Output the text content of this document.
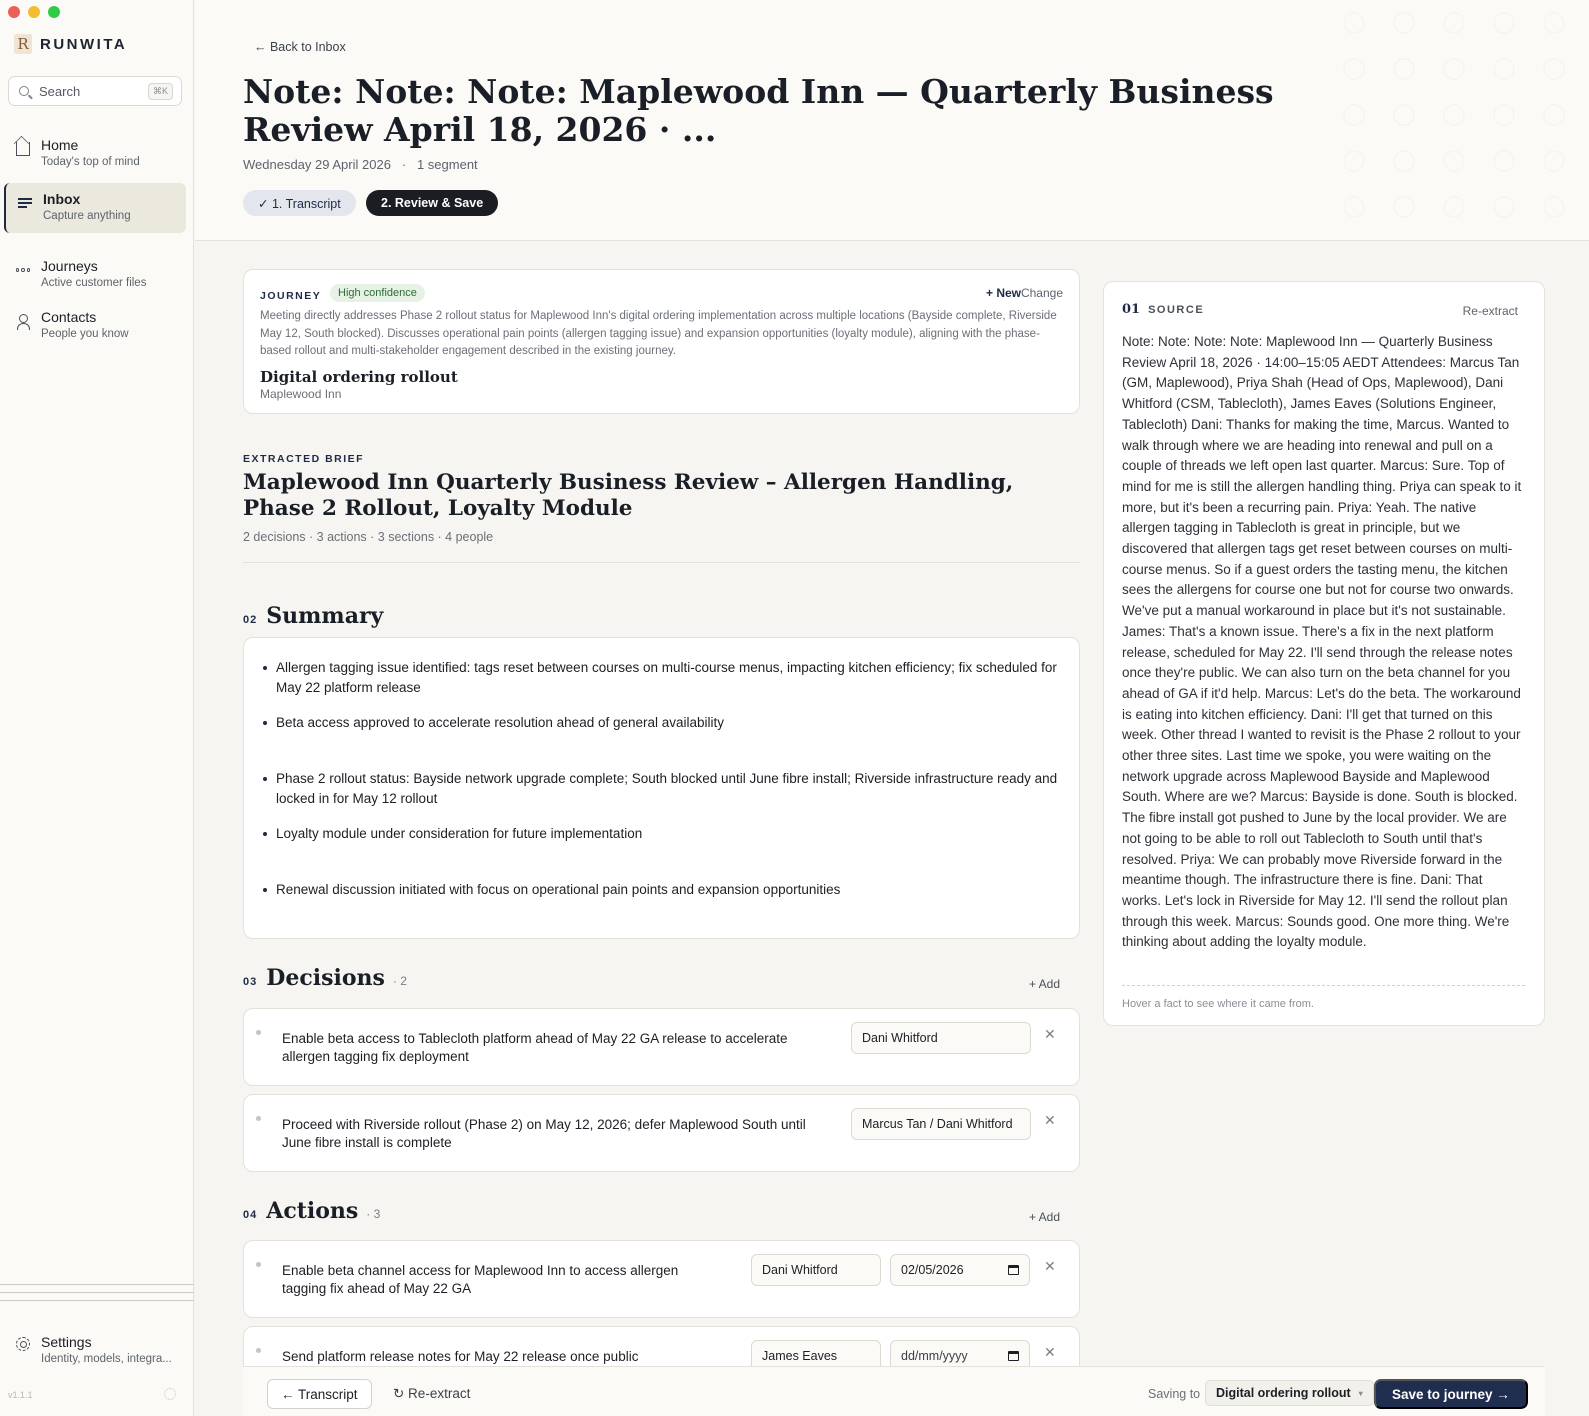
R RUNWITA
Search	⌘K
Home
Today's top of mind
Inbox
Capture anything
Journeys
Active customer files
Contacts
People you know
Settings
Identity, models, integra...
v1.1.1
← Back to Inbox
Note: Note: Note: Maplewood Inn — Quarterly Business Review April 18, 2026 · ...
Wednesday 29 April 2026   ·   1 segment
✓ 1. Transcript	2. Review & Save
JOURNEY	High confidence	+ New Change

Meeting directly addresses Phase 2 rollout status for Maplewood Inn's digital ordering implementation across multiple locations (Bayside complete, Riverside May 12, South blocked). Discusses operational pain points (allergen tagging issue) and expansion opportunities (loyalty module), aligning with the phase-based rollout and multi-stakeholder engagement described in the existing journey.

Digital ordering rollout
Maplewood Inn
EXTRACTED BRIEF
Maplewood Inn Quarterly Business Review – Allergen Handling, Phase 2 Rollout, Loyalty Module
2 decisions · 3 actions · 3 sections · 4 people
02 Summary

Allergen tagging issue identified: tags reset between courses on multi-course menus, impacting kitchen efficiency; fix scheduled for May 22 platform release

Beta access approved to accelerate resolution ahead of general availability

Phase 2 rollout status: Bayside network upgrade complete; South blocked until June fibre install; Riverside infrastructure ready and locked in for May 12 rollout

Loyalty module under consideration for future implementation

Renewal discussion initiated with focus on operational pain points and expansion opportunities

03 Decisions · 2	+ Add

Enable beta access to Tablecloth platform ahead of May 22 GA release to accelerate allergen tagging fix deployment

Dani Whitford	✕

Proceed with Riverside rollout (Phase 2) on May 12, 2026; defer Maplewood South until June fibre install is complete

Marcus Tan / Dani Whitford	✕
04 Actions · 3	+ Add

Enable beta channel access for Maplewood Inn to access allergen tagging fix ahead of May 22 GA

Dani Whitford	02/05/2026	✕

Send platform release notes for May 22 release once public	James Eaves	dd/mm/yyyy	✕
01 SOURCE	Re-extract

Note: Note: Note: Note: Maplewood Inn — Quarterly Business Review April 18, 2026 · 14:00–15:05 AEDT Attendees: Marcus Tan (GM, Maplewood), Priya Shah (Head of Ops, Maplewood), Dani Whitford (CSM, Tablecloth), James Eaves (Solutions Engineer, Tablecloth) Dani: Thanks for making the time, Marcus. Wanted to walk through where we are heading into renewal and pull on a couple of threads we left open last quarter. Marcus: Sure. Top of mind for me is still the allergen handling thing. Priya can speak to it more, but it's been a recurring pain. Priya: Yeah. The native allergen tagging in Tablecloth is great in principle, but we discovered that allergen tags get reset between courses on multi-course menus. So if a guest orders the tasting menu, the kitchen sees the allergens for course one but not for course two onwards. We've put a manual workaround in place but it's not sustainable. James: That's a known issue. There's a fix in the next platform release, scheduled for May 22. I'll send through the release notes once they're public. We can also turn on the beta channel for you ahead of GA if it'd help. Marcus: Let's do the beta. The workaround is eating into kitchen efficiency. Dani: I'll get that turned on this week. Other thread I wanted to revisit is the Phase 2 rollout to your other three sites. Last time we spoke, you were waiting on the network upgrade across Maplewood Bayside and Maplewood South. Where are we? Marcus: Bayside is done. South is blocked. The fibre install got pushed to June by the local provider. We are not going to be able to roll out Tablecloth to South until that's resolved. Priya: We can probably move Riverside forward in the meantime though. The infrastructure there is fine. Dani: That works. Let's lock in Riverside for May 12. I'll send the rollout plan through this week. Marcus: Sounds good. One more thing. We're thinking about adding the loyalty module.

Hover a fact to see where it came from.
← Transcript	↻ Re-extract	Saving to Digital ordering rollout ▾	Save to journey →
